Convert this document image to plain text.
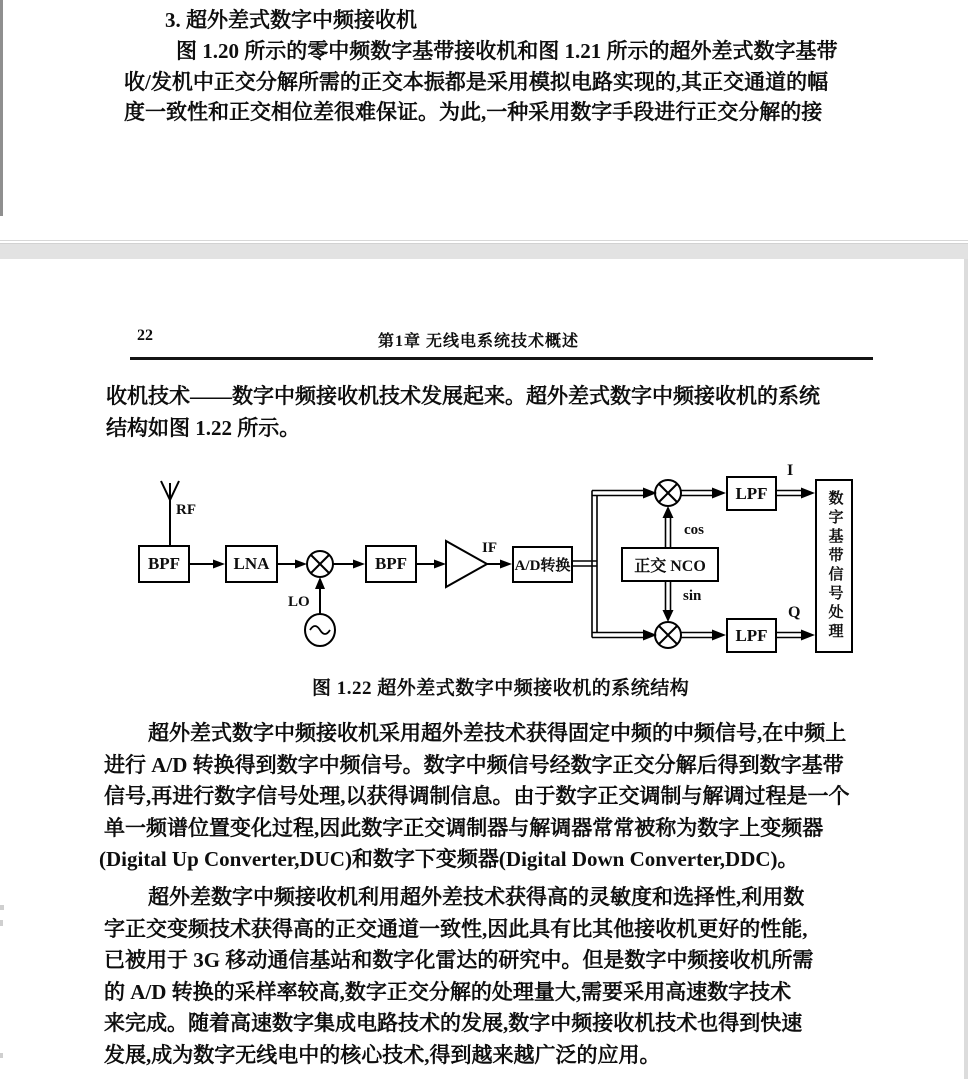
3. 超外差式数字中频接收机
图 1.20 所示的零中频数字基带接收机和图 1.21 所示的超外差式数字基带
收/发机中正交分解所需的正交本振都是采用模拟电路实现的,其正交通道的幅
度一致性和正交相位差很难保证。为此,一种采用数字手段进行正交分解的接
22	第1章 无线电系统技术概述
收机技术——数字中频接收机技术发展起来。超外差式数字中频接收机的系统
结构如图 1.22 所示。
BPF	LNA	BPF	A/D转换	正交 NCO
LPF
LPF	数字基带信号处理
RF
LO
IF
cos
sin
I
Q
图 1.22 超外差式数字中频接收机的系统结构
超外差式数字中频接收机采用超外差技术获得固定中频的中频信号,在中频上
进行 A/D 转换得到数字中频信号。数字中频信号经数字正交分解后得到数字基带
信号,再进行数字信号处理,以获得调制信息。由于数字正交调制与解调过程是一个
单一频谱位置变化过程,因此数字正交调制器与解调器常常被称为数字上变频器
(Digital Up Converter,DUC)和数字下变频器(Digital Down Converter,DDC)。
超外差数字中频接收机利用超外差技术获得高的灵敏度和选择性,利用数
字正交变频技术获得高的正交通道一致性,因此具有比其他接收机更好的性能,
已被用于 3G 移动通信基站和数字化雷达的研究中。但是数字中频接收机所需
的 A/D 转换的采样率较高,数字正交分解的处理量大,需要采用高速数字技术
来完成。随着高速数字集成电路技术的发展,数字中频接收机技术也得到快速
发展,成为数字无线电中的核心技术,得到越来越广泛的应用。
